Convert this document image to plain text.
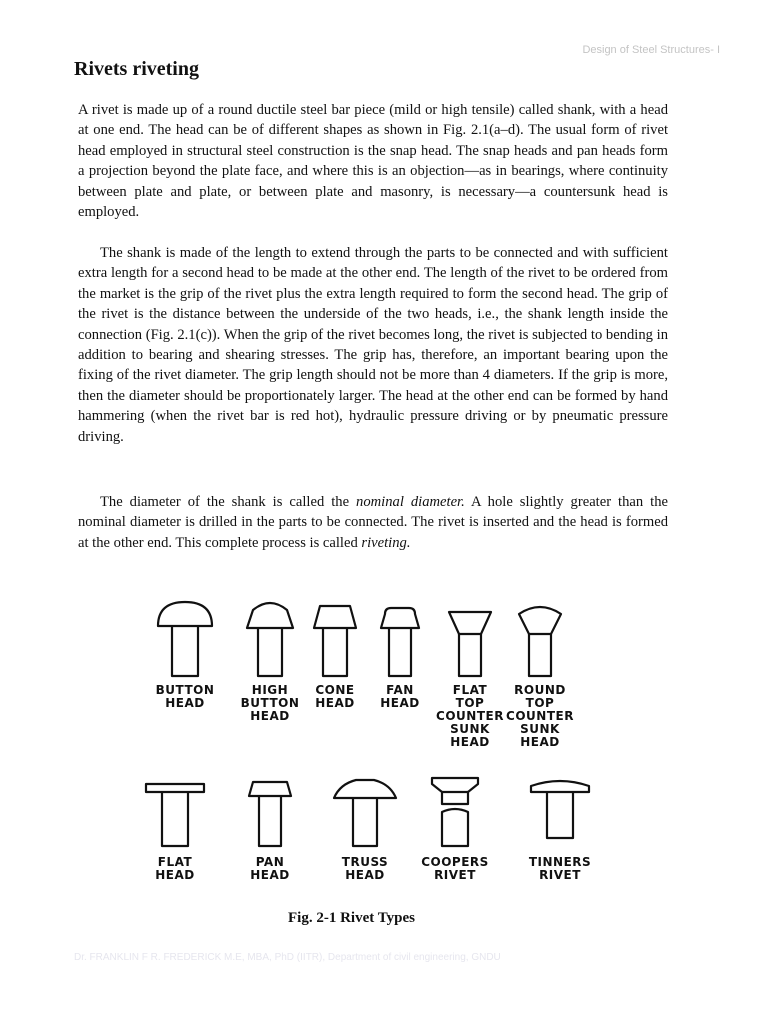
Design of Steel Structures- I
Rivets riveting

A rivet is made up of a round ductile steel bar piece (mild or high tensile) called shank, with a head at one end. The head can be of different shapes as shown in Fig. 2.1(a–d). The usual form of rivet head employed in structural steel construction is the snap head. The snap heads and pan heads form a projection beyond the plate face, and where this is an objection—as in bearings, where continuity between plate and plate, or between plate and masonry, is necessary—a countersunk head is employed.

The shank is made of the length to extend through the parts to be connected and with sufficient extra length for a second head to be made at the other end. The length of the rivet to be ordered from the market is the grip of the rivet plus the extra length required to form the second head. The grip of the rivet is the distance between the underside of the two heads, i.e., the shank length inside the connection (Fig. 2.1(c)). When the grip of the rivet becomes long, the rivet is subjected to bending in addition to bearing and shearing stresses. The grip has, therefore, an important bearing upon the fixing of the rivet diameter. The grip length should not be more than 4 diameters. If the grip is more, then the diameter should be proportionately larger. The head at the other end can be formed by hand hammering (when the rivet bar is red hot), hydraulic pressure driving or by pneumatic pressure driving.

The diameter of the shank is called the nominal diameter. A hole slightly greater than the nominal diameter is drilled in the parts to be connected. The rivet is inserted and the head is formed at the other end. This complete process is called riveting.

BUTTON
HEAD
HIGH
BUTTON
HEAD
CONE
HEAD
FAN
HEAD
FLAT
TOP
COUNTER
SUNK
HEAD
ROUND
TOP
COUNTER
SUNK
HEAD
FLAT
HEAD
PAN
HEAD
TRUSS
HEAD
COOPERS
RIVET
TINNERS
RIVET
Fig. 2-1 Rivet Types
Dr. FRANKLIN F R. FREDERICK M.E, MBA, PhD (IITR), Department of civil engineering, GNDU
